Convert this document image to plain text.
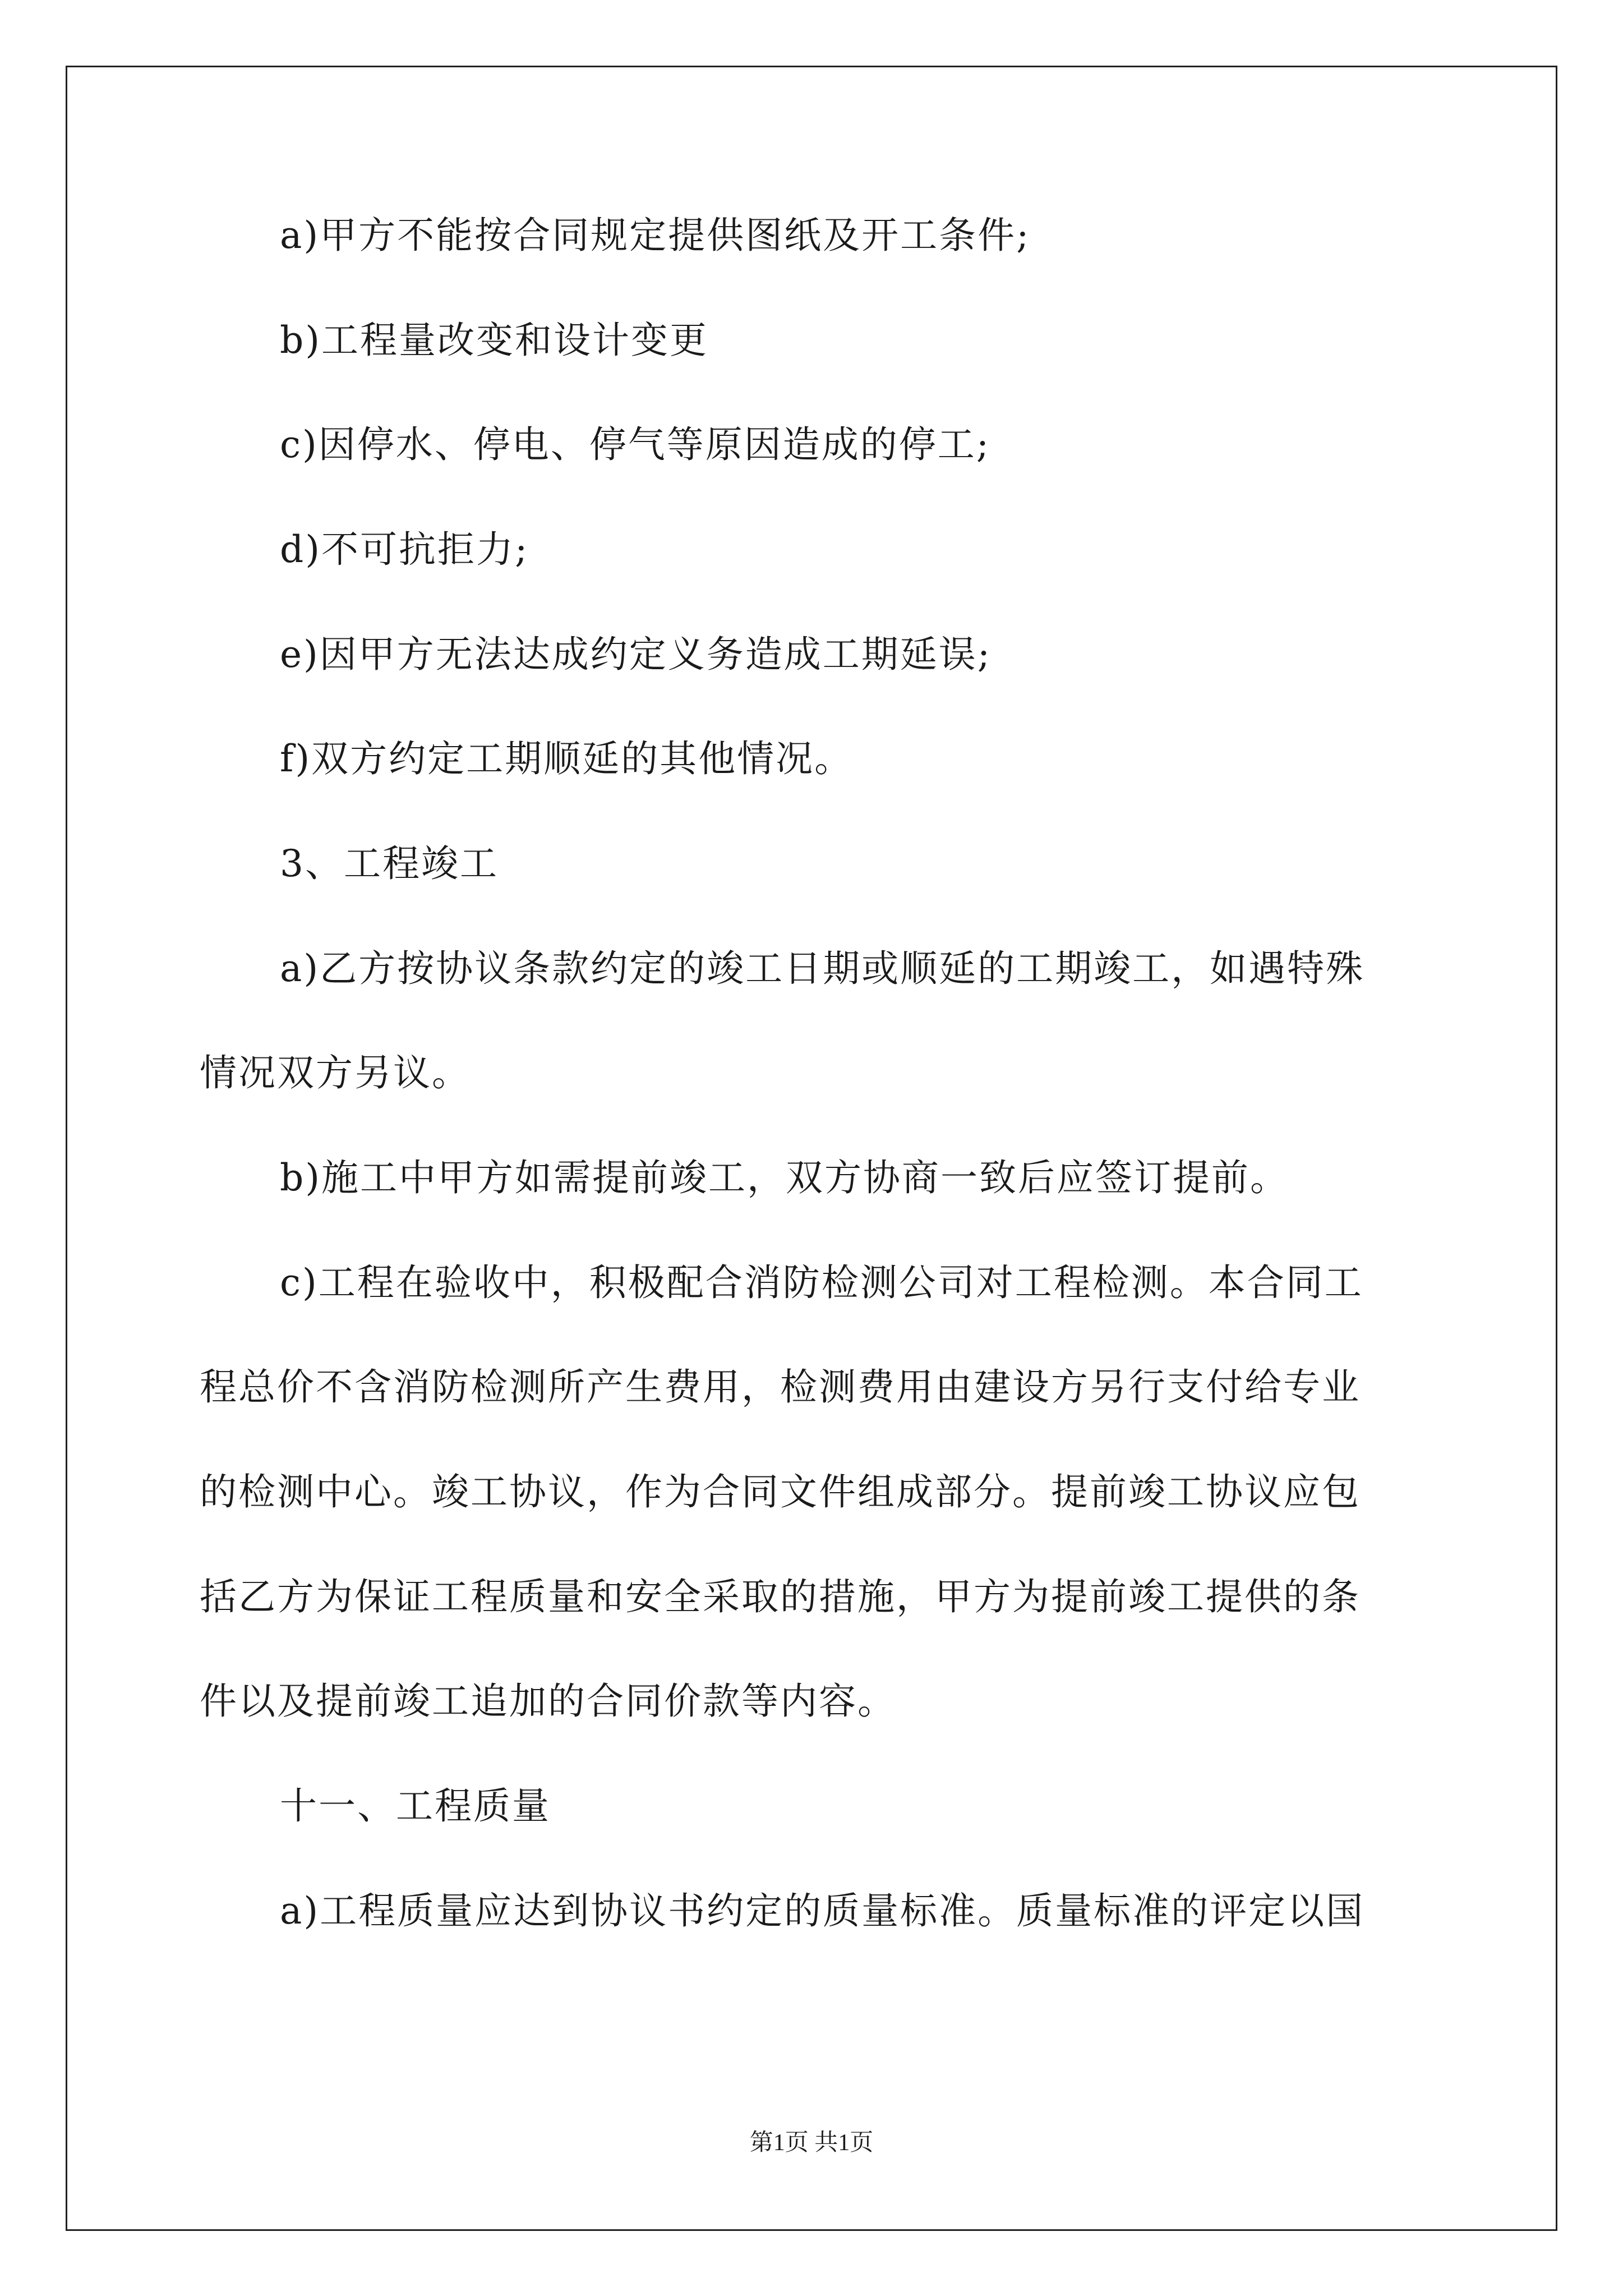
a)甲方不能按合同规定提供图纸及开工条件;
b)工程量改变和设计变更
c)因停水、停电、停气等原因造成的停工;
d)不可抗拒力;
e)因甲方无法达成约定义务造成工期延误;
f)双方约定工期顺延的其他情况。
3、工程竣工
a)乙方按协议条款约定的竣工日期或顺延的工期竣工，如遇特殊
情况双方另议。
b)施工中甲方如需提前竣工，双方协商一致后应签订提前。
c)工程在验收中，积极配合消防检测公司对工程检测。本合同工
程总价不含消防检测所产生费用，检测费用由建设方另行支付给专业
的检测中心。竣工协议，作为合同文件组成部分。提前竣工协议应包
括乙方为保证工程质量和安全采取的措施，甲方为提前竣工提供的条
件以及提前竣工追加的合同价款等内容。
十一、工程质量
a)工程质量应达到协议书约定的质量标准。质量标准的评定以国
第1页 共1页
